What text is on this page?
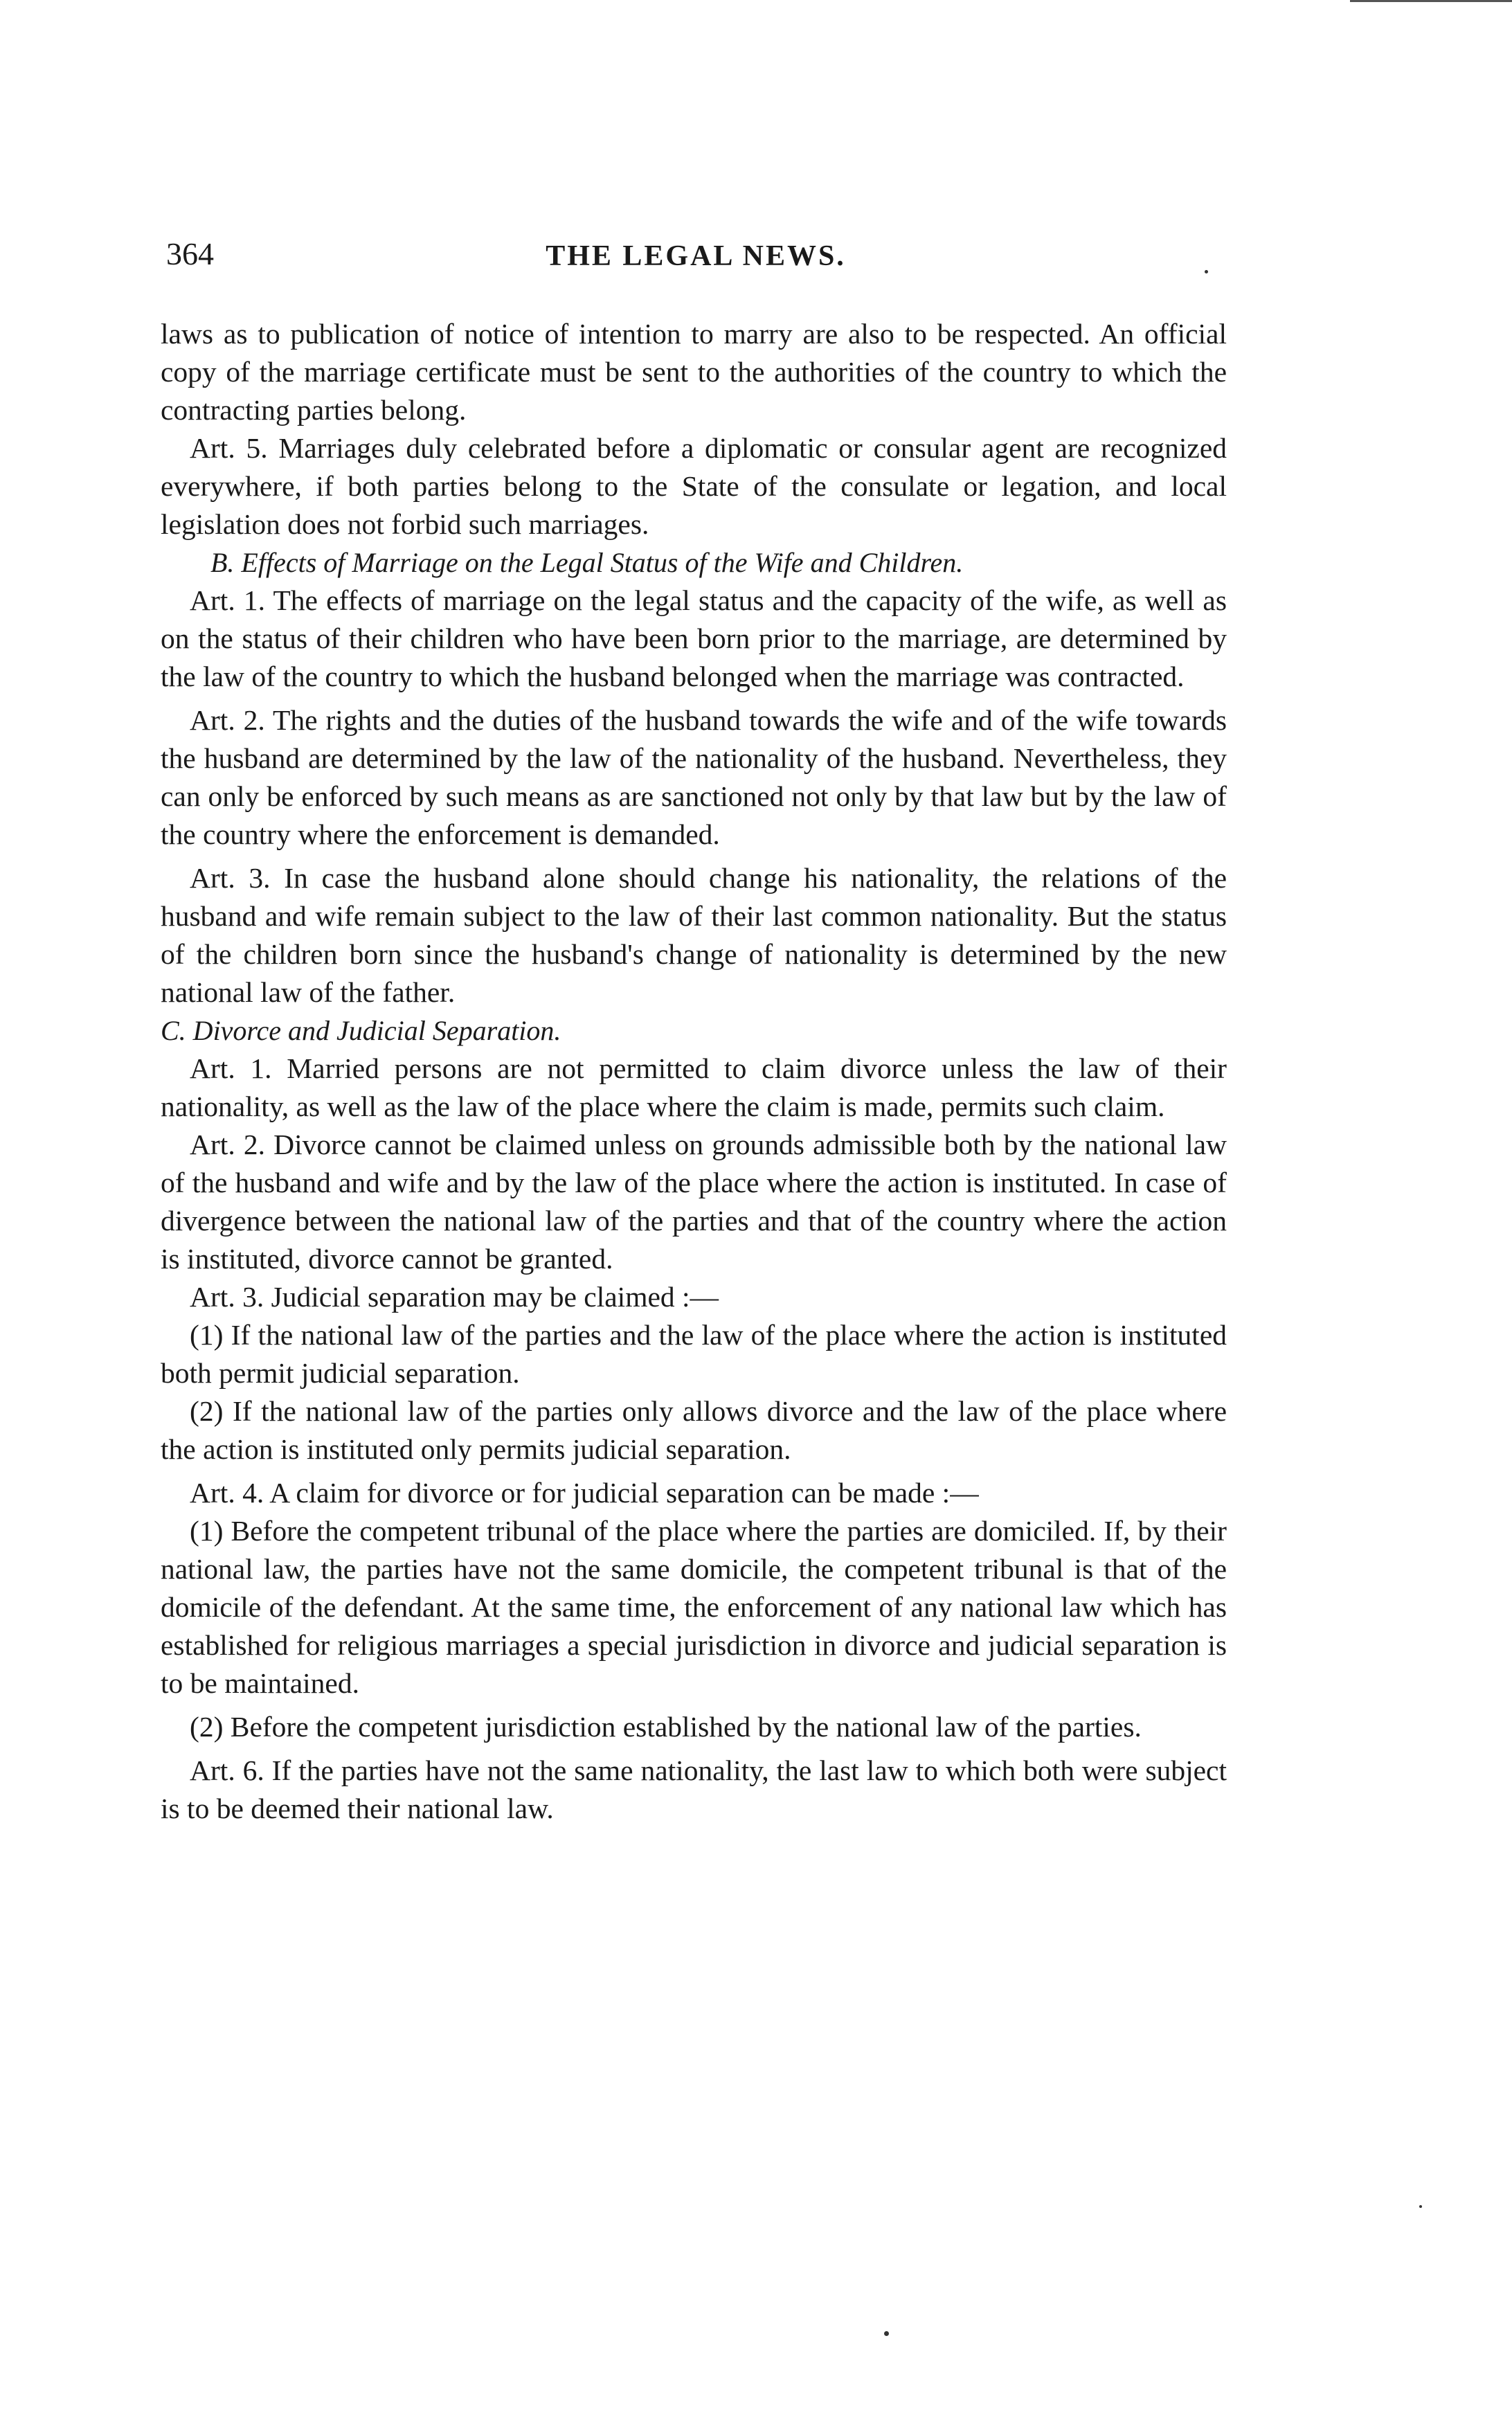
364	THE LEGAL NEWS.

laws as to publication of notice of intention to marry are also to be respected. An official copy of the marriage certificate must be sent to the authorities of the country to which the contracting parties belong.

Art. 5. Marriages duly celebrated before a diplomatic or consular agent are recognized everywhere, if both parties belong to the State of the consulate or legation, and local legislation does not forbid such marriages.

B. Effects of Marriage on the Legal Status of the Wife and Children.

Art. 1. The effects of marriage on the legal status and the capacity of the wife, as well as on the status of their children who have been born prior to the marriage, are determined by the law of the country to which the husband belonged when the marriage was contracted.

Art. 2. The rights and the duties of the husband towards the wife and of the wife towards the husband are determined by the law of the nationality of the husband. Nevertheless, they can only be enforced by such means as are sanctioned not only by that law but by the law of the country where the enforcement is demanded.

Art. 3. In case the husband alone should change his nationality, the relations of the husband and wife remain subject to the law of their last common nationality. But the status of the children born since the husband's change of nationality is determined by the new national law of the father.

C. Divorce and Judicial Separation.

Art. 1. Married persons are not permitted to claim divorce unless the law of their nationality, as well as the law of the place where the claim is made, permits such claim.

Art. 2. Divorce cannot be claimed unless on grounds admissible both by the national law of the husband and wife and by the law of the place where the action is instituted. In case of divergence between the national law of the parties and that of the country where the action is instituted, divorce cannot be granted.

Art. 3. Judicial separation may be claimed :—

(1) If the national law of the parties and the law of the place where the action is instituted both permit judicial separation.

(2) If the national law of the parties only allows divorce and the law of the place where the action is instituted only permits judicial separation.

Art. 4. A claim for divorce or for judicial separation can be made :—

(1) Before the competent tribunal of the place where the parties are domiciled. If, by their national law, the parties have not the same domicile, the competent tribunal is that of the domicile of the defendant. At the same time, the enforcement of any national law which has established for religious marriages a special jurisdiction in divorce and judicial separation is to be maintained.

(2) Before the competent jurisdiction established by the national law of the parties.

Art. 6. If the parties have not the same nationality, the last law to which both were subject is to be deemed their national law.
